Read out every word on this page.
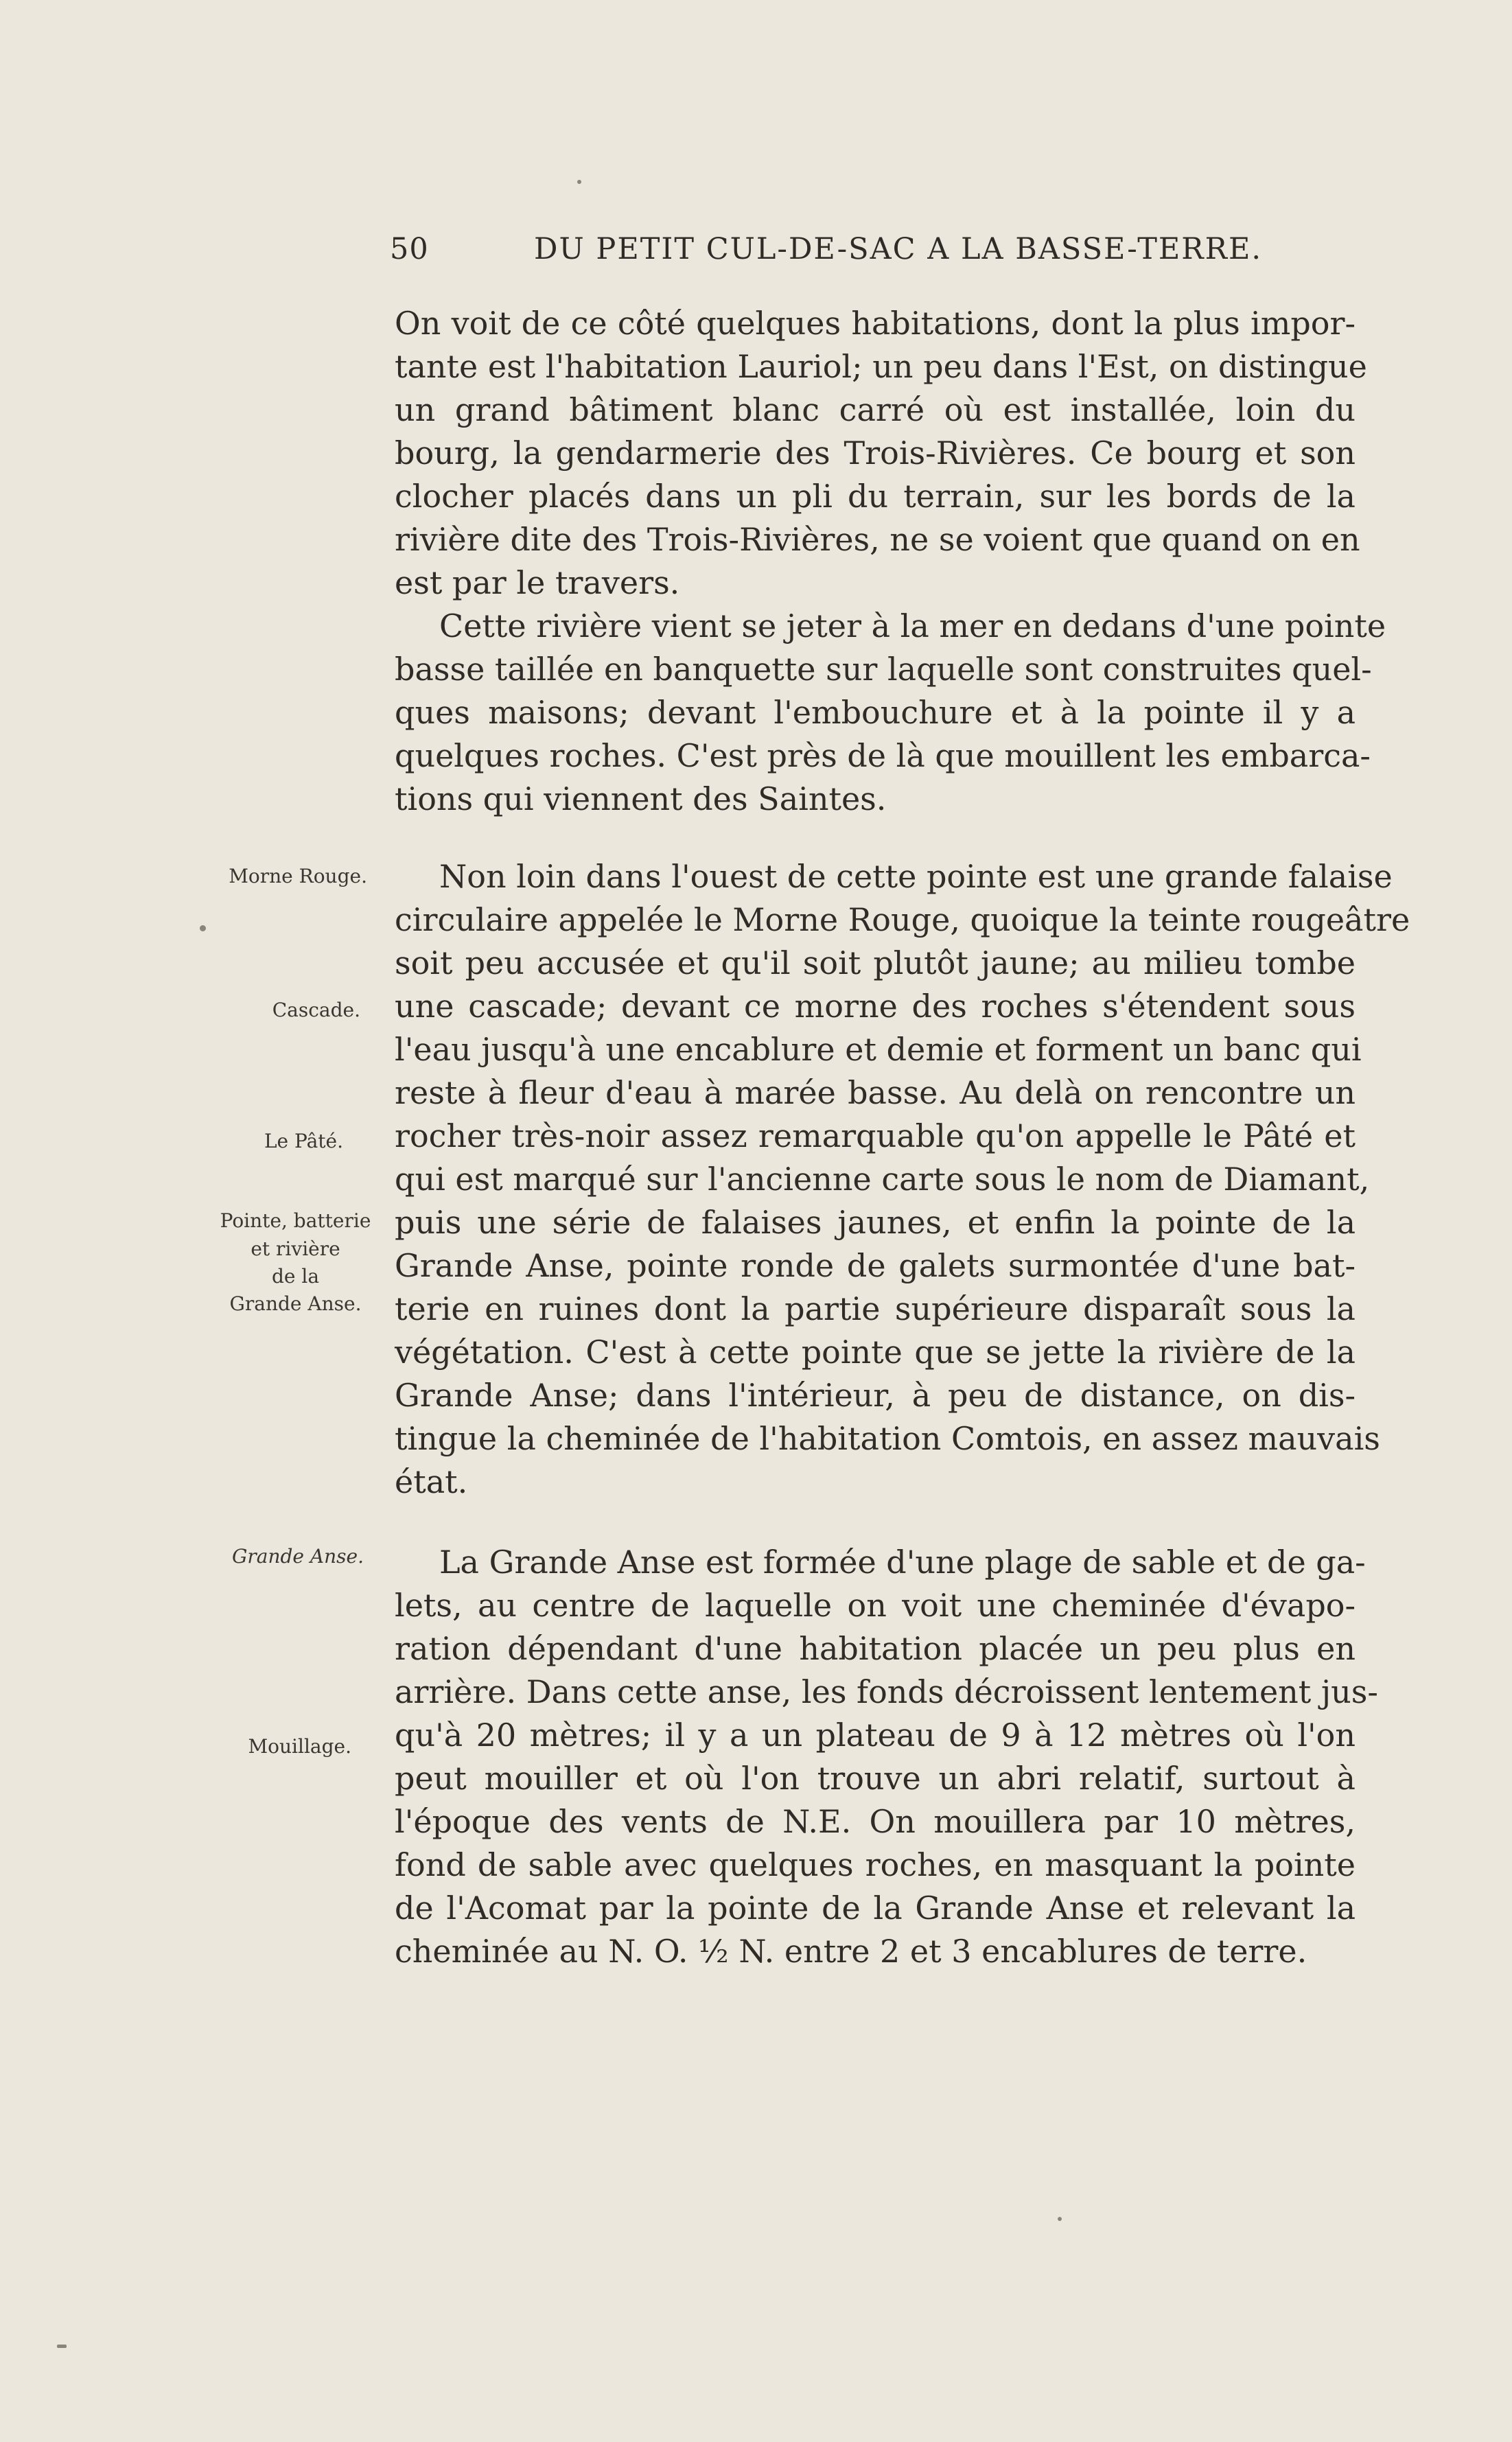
50	DU PETIT CUL-DE-SAC A LA BASSE-TERRE.
On voit de ce côté quelques habitations, dont la plus impor-
tante est l'habitation Lauriol; un peu dans l'Est, on distingue
un grand bâtiment blanc carré où est installée, loin du
bourg, la gendarmerie des Trois-Rivières. Ce bourg et son
clocher placés dans un pli du terrain, sur les bords de la
rivière dite des Trois-Rivières, ne se voient que quand on en
est par le travers.
Cette rivière vient se jeter à la mer en dedans d'une pointe
basse taillée en banquette sur laquelle sont construites quel-
ques maisons; devant l'embouchure et à la pointe il y a
quelques roches. C'est près de là que mouillent les embarca-
tions qui viennent des Saintes.
Non loin dans l'ouest de cette pointe est une grande falaise
circulaire appelée le Morne Rouge, quoique la teinte rougeâtre
soit peu accusée et qu'il soit plutôt jaune; au milieu tombe
une cascade; devant ce morne des roches s'étendent sous
l'eau jusqu'à une encablure et demie et forment un banc qui
reste à fleur d'eau à marée basse. Au delà on rencontre un
rocher très-noir assez remarquable qu'on appelle le Pâté et
qui est marqué sur l'ancienne carte sous le nom de Diamant,
puis une série de falaises jaunes, et enfin la pointe de la
Grande Anse, pointe ronde de galets surmontée d'une bat-
terie en ruines dont la partie supérieure disparaît sous la
végétation. C'est à cette pointe que se jette la rivière de la
Grande Anse; dans l'intérieur, à peu de distance, on dis-
tingue la cheminée de l'habitation Comtois, en assez mauvais
état.
La Grande Anse est formée d'une plage de sable et de ga-
lets, au centre de laquelle on voit une cheminée d'évapo-
ration dépendant d'une habitation placée un peu plus en
arrière. Dans cette anse, les fonds décroissent lentement jus-
qu'à 20 mètres; il y a un plateau de 9 à 12 mètres où l'on
peut mouiller et où l'on trouve un abri relatif, surtout à
l'époque des vents de N.E. On mouillera par 10 mètres,
fond de sable avec quelques roches, en masquant la pointe
de l'Acomat par la pointe de la Grande Anse et relevant la
cheminée au N. O. ½ N. entre 2 et 3 encablures de terre.
Morne Rouge.
Cascade.
Le Pâté.
Pointe, batterie
et rivière
de la
Grande Anse.
Grande Anse.
Mouillage.
